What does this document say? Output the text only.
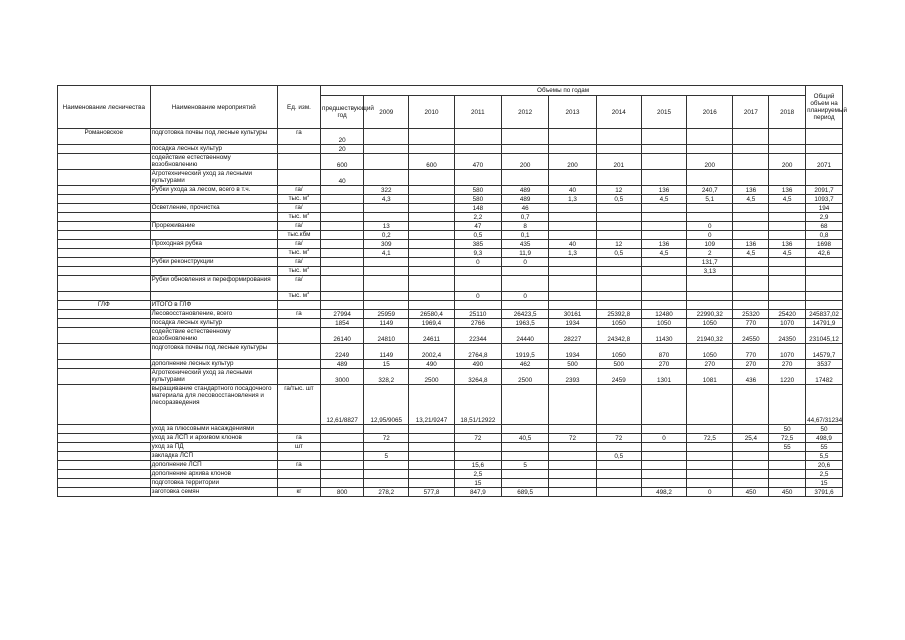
Наименование лесничества	Наименование мероприятий	Ед. изм.	Объемы по годам											Общий объем на планируемый период
			предшествующий год	2009	2010	2011	2012	2013	2014	2015	2016	2017	2018	
Романовское	подготовка почвы под лесные культуры	га	20											
	посадка лесных культур		20											
	содействие естественному возобновлению		600		600	470	200	200	201		200		200	2071
	Агротехнический уход за лесными культурами		40											
	Рубки ухода за лесом, всего в т.ч.	га/		322		580	489	40	12	136	240,7	136	136	2091,7
		тыс. $м^3$		4,3		580	489	1,3	0,5	4,5	5,1	4,5	4,5	1093,7
	Осветление, прочистка	га/				148	46							194
		тыс. $м^3$				2,2	0,7							2,9
	Прореживание	га/		13		47	8				0			68
		тыс.кбм		0,2		0,5	0,1				0			0,8
	Проходная рубка	га/		309		385	435	40	12	136	109	136	136	1698
		тыс. $м^3$		4,1		9,3	11,9	1,3	0,5	4,5	2	4,5	4,5	42,6
	Рубки реконструкции	га/				0	0				131,7			
		тыс. $м^3$									3,13			
	Рубки обновления и переформирования	га/												
		тыс. $м^3$				0	0							
ГЛФ	ИТОГО в ГЛФ													
	Лесовосстановление, всего	га	27994	25959	26580,4	25110	26423,5	30161	25392,8	12480	22990,32	25320	25420	245837,02
	посадка лесных культур		1854	1149	1969,4	2766	1963,5	1934	1050	1050	1050	770	1070	14791,9
	содействие естественному возобновлению		26140	24810	24611	22344	24440	28227	24342,8	11430	21940,32	24550	24350	231045,12
	подготовка почвы под лесные культуры		2249	1149	2002,4	2764,8	1919,5	1934	1050	870	1050	770	1070	14579,7
	дополнение лесных культур		489	15	490	490	462	500	500	270	270	270	270	3537
	Агротехнический уход за лесными культурами		3000	328,2	2500	3264,8	2500	2393	2459	1301	1081	436	1220	17482
	выращивание стандартного посадочного материала для лесовосстановления и лесоразведения	га/тыс. шт	12,61/8827	12,95/9065	13,21/9247	18,51/12922								44,67/31234
	уход за плюсовыми насаждениями												50	50
	уход за ЛСП и архивом клонов	га		72		72	40,5	72	72	0	72,5	25,4	72,5	498,9
	уход за ПД	шт											55	55
	закладка ЛСП			5					0,5					5,5
	дополнение ЛСП	га				15,6	5							20,6
	дополнение архива клонов					2,5								2,5
	подготовка территории					15								15
	заготовка семян	кг	800	278,2	577,8	847,9	689,5			498,2	0	450	450	3791,6
